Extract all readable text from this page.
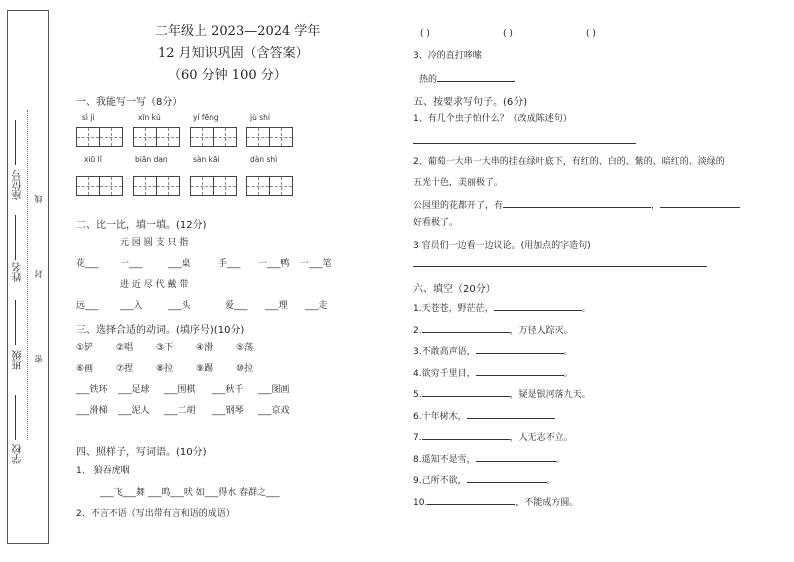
座位号
姓名
班级
学校
线
封
密
二年级上 2023—2024 学年
12 月知识巩固（含答案）
（60 分钟 100 分）
一、我能写一写（8分）
sì jì	xīn kǔ	yí fēng	jù shí
xiū lǐ	biān dan	sàn kāi	dàn shì
二、比一比，填一填。(12分)
元 园 圆 支 只 指
花___ 一___	___桌	手___ 一___鸭 一___笔
进 近 尽 代 戴 带
远___ ___入	___头	爱___ ___理 ___走
三、选择合适的动词。(填序号)(10分)
①铲	②唱	③下	④滑	⑤荡
⑥画	⑦捏	⑧拉	⑨踢	⑩拉
___铁环 ___足球 ___围棋 ___秋千 ___图画
___滑梯 ___泥人 ___二胡 ___钢琴 ___京戏
四、照样子，写词语。(10分)
1、 狼吞虎咽
___飞___舞 ___鸣___吠 如___得水 春群之___
2、不言不语（写出带有言和语的成语）
( )	( )	( )
3、冷的直打哆嗦
热的
五、按要求写句子。(6分)
1、有几个虫子怕什么？（改成陈述句）
2、葡萄一大串一大串的挂在绿叶底下，有红的、白的、紫的、暗红的、淡绿的
五光十色，美丽极了。
公园里的花都开了，有	，
好看极了。
3 官员们一边看一边议论。(用加点的字造句)
六、填空（20分）
1.天苍苍，野茫茫，	。
2.	，万径人踪灭。
3.不敢高声语，	。
4.欲穷千里目，	。
5.	，疑是银河落九天。
6.十年树木，
7.	，人无志不立。
8.遥知不是雪，	。
9.己所不欲，	。
10.	，不能成方圆。
